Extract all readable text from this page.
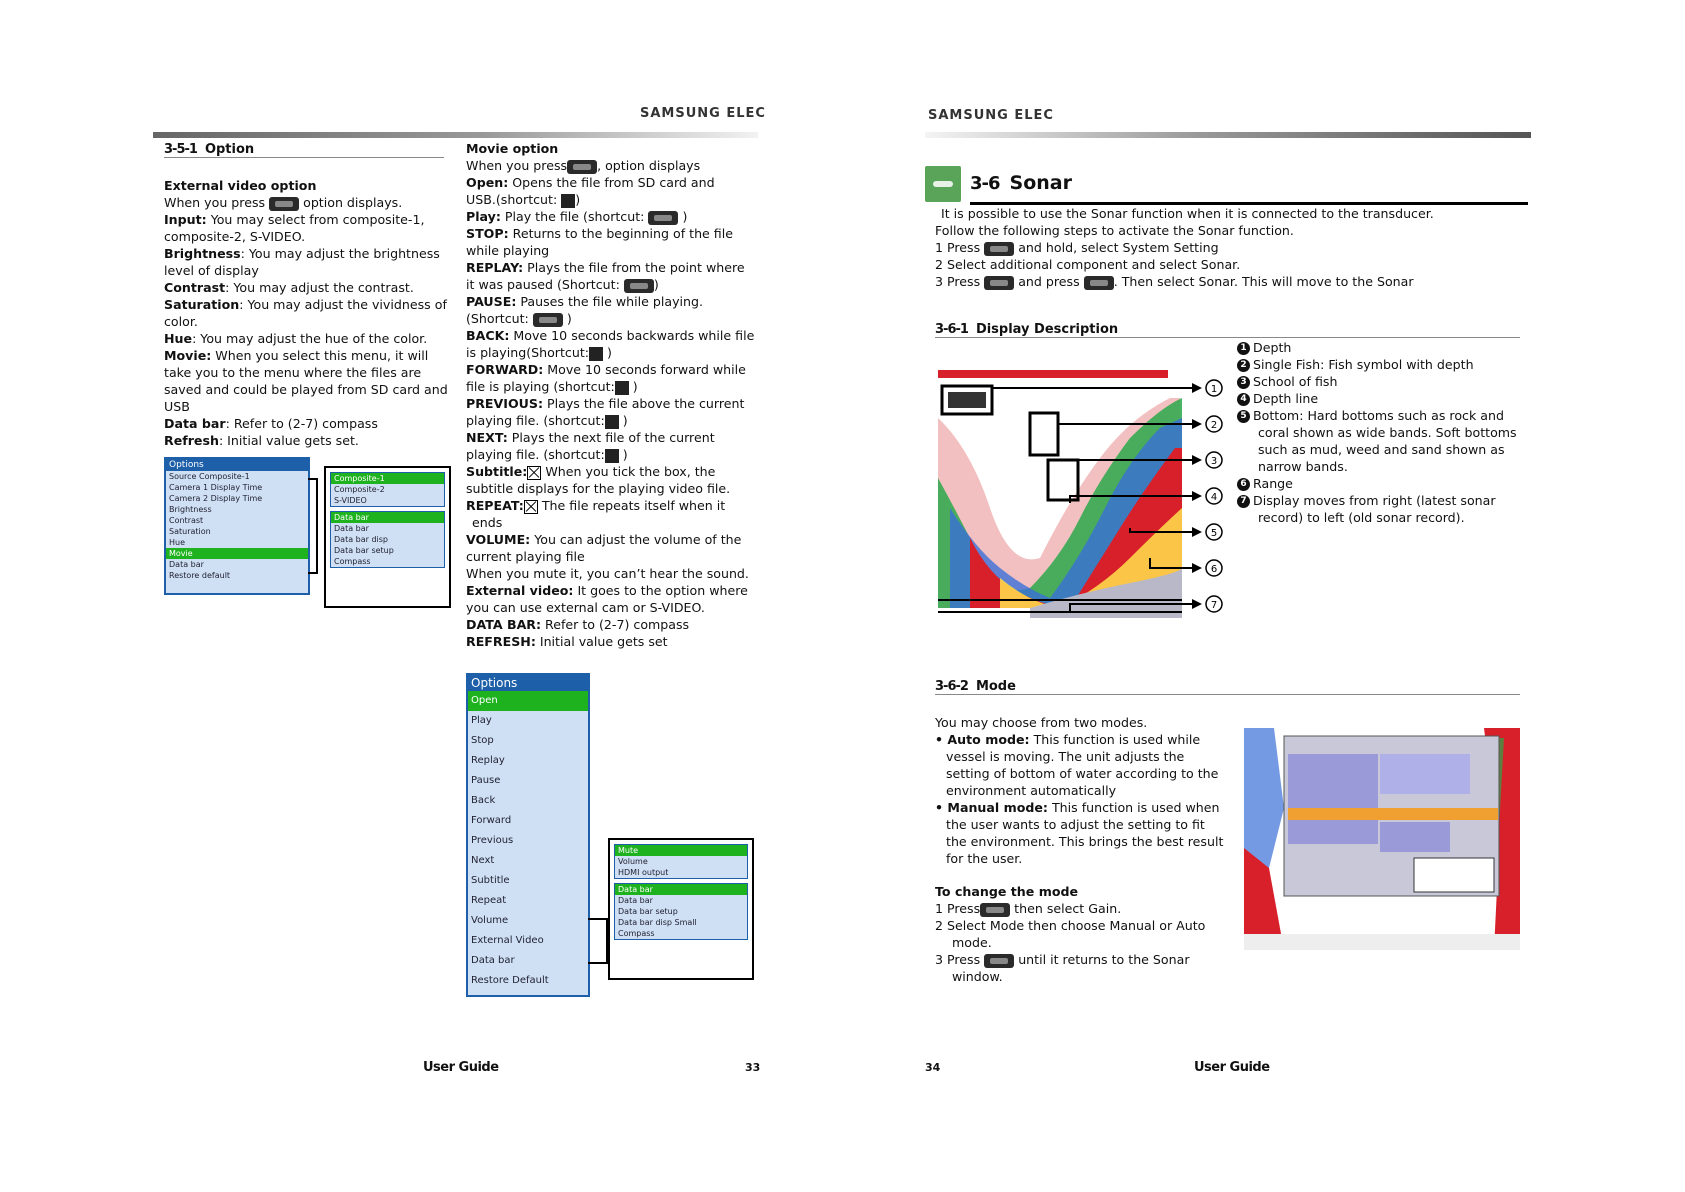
SAMSUNG ELEC
3-5-1 Option
External video option
When you press	option displays.
Input: You may select from composite-1,
composite-2, S-VIDEO.
Brightness: You may adjust the brightness
level of display
Contrast: You may adjust the contrast.
Saturation: You may adjust the vividness of
color.
Hue: You may adjust the hue of the color.
Movie: When you select this menu, it will
take you to the menu where the files are
saved and could be played from SD card and
USB
Data bar: Refer to (2-7) compass
Refresh: Initial value gets set.
Options
Source Composite-1
Camera 1 Display Time
Camera 2 Display Time
Brightness
Contrast
Saturation
Hue
Movie
Data bar
Restore default
Composite-1
Composite-2
S-VIDEO
Data bar
Data bar
Data bar disp
Data bar setup
Compass
Movie option
When you press , option displays
Open: Opens the file from SD card and
USB.(shortcut: )
Play: Play the file (shortcut:	)
STOP: Returns to the beginning of the file
while playing
REPLAY: Plays the file from the point where
it was paused (Shortcut:	)
PAUSE: Pauses the file while playing.
(Shortcut:	)
BACK: Move 10 seconds backwards while file
is playing(Shortcut: )
FORWARD: Move 10 seconds forward while
file is playing (shortcut: )
PREVIOUS: Plays the file above the current
playing file. (shortcut: )
NEXT: Plays the next file of the current
playing file. (shortcut: )
Subtitle: When you tick the box, the
subtitle displays for the playing video file.
REPEAT: The file repeats itself when it
ends
VOLUME: You can adjust the volume of the
current playing file
When you mute it, you can’t hear the sound.
External video: It goes to the option where
you can use external cam or S-VIDEO.
DATA BAR: Refer to (2-7) compass
REFRESH: Initial value gets set
Options
Open
Play
Stop
Replay
Pause
Back
Forward
Previous
Next
Subtitle
Repeat
Volume
External Video
Data bar
Restore Default
Mute
Volume
HDMI output
Data bar
Data bar
Data bar setup
Data bar disp Small
Compass
User Guide	33
SAMSUNG ELEC
3-6 Sonar
It is possible to use the Sonar function when it is connected to the transducer.
Follow the following steps to activate the Sonar function.
1 Press	and hold, select System Setting
2 Select additional component and select Sonar.
3 Press	and press	. Then select Sonar. This will move to the Sonar
3-6-1 Display Description
1
2
3
4
5
6
7
1 Depth
2 Single Fish: Fish symbol with depth
3 School of fish
4 Depth line
5 Bottom: Hard bottoms such as rock and
coral shown as wide bands. Soft bottoms
such as mud, weed and sand shown as
narrow bands.
6 Range
7 Display moves from right (latest sonar
record) to left (old sonar record).
3-6-2 Mode
You may choose from two modes.
• Auto mode: This function is used while
vessel is moving. The unit adjusts the
setting of bottom of water according to the
environment automatically
• Manual mode: This function is used when
the user wants to adjust the setting to fit
the environment. This brings the best result
for the user.
To change the mode
1 Press then select Gain.
2 Select Mode then choose Manual or Auto
mode.
3 Press	until it returns to the Sonar
window.
34	User Guide
